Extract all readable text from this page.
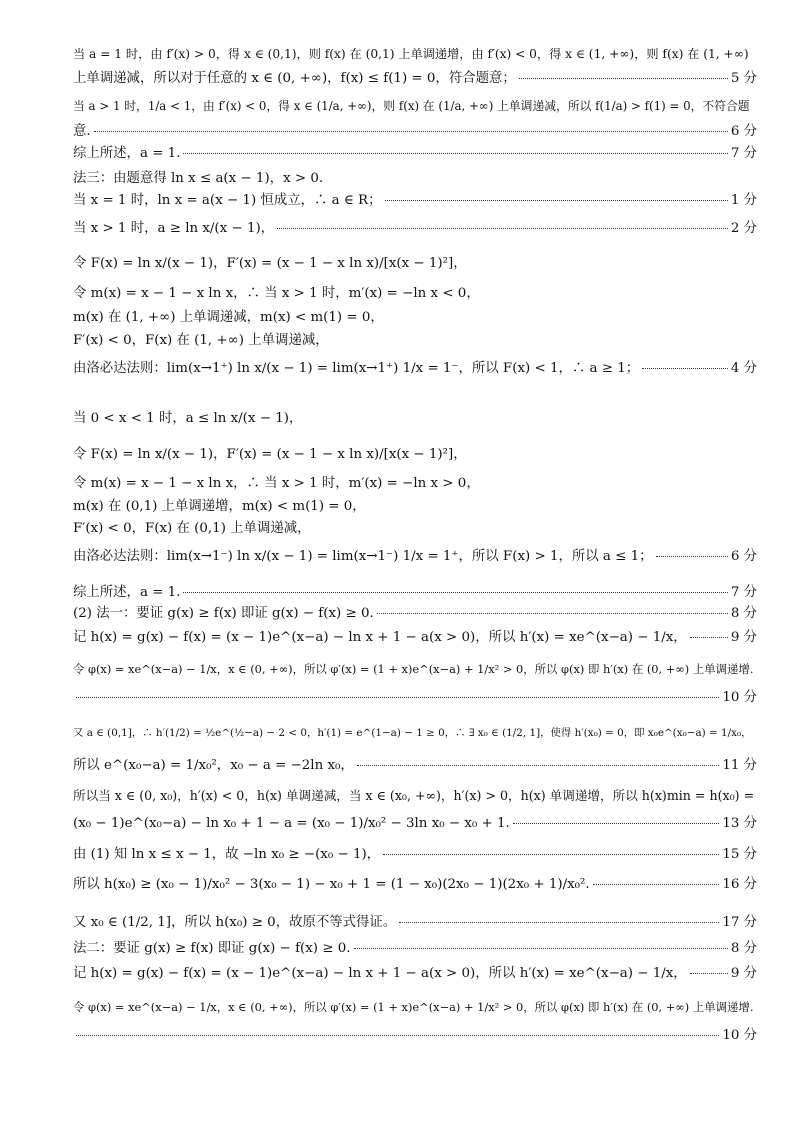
当 a = 1 时，由 f′(x) > 0，得 x ∈ (0,1)，则 f(x) 在 (0,1) 上单调递增，由 f′(x) < 0，得 x ∈ (1, +∞)，则 f(x) 在 (1, +∞)
上单调递减，所以对于任意的 x ∈ (0, +∞)，f(x) ≤ f(1) = 0，符合题意；	5 分
当 a > 1 时，1/a < 1，由 f′(x) < 0，得 x ∈ (1/a, +∞)，则 f(x) 在 (1/a, +∞) 上单调递减，所以 f(1/a) > f(1) = 0，不符合题
意.	6 分
综上所述，a = 1.	7 分
法三：由题意得 ln x ≤ a(x − 1)，x > 0.
当 x = 1 时，ln x = a(x − 1) 恒成立，∴ a ∈ R；	1 分
当 x > 1 时，a ≥ ln x/(x − 1)，	2 分
令 F(x) = ln x/(x − 1)，F′(x) = (x − 1 − x ln x)/[x(x − 1)²]，
令 m(x) = x − 1 − x ln x，∴ 当 x > 1 时，m′(x) = −ln x < 0，
m(x) 在 (1, +∞) 上单调递减，m(x) < m(1) = 0，
F′(x) < 0，F(x) 在 (1, +∞) 上单调递减，
由洛必达法则：lim(x→1⁺) ln x/(x − 1) = lim(x→1⁺) 1/x = 1⁻，所以 F(x) < 1，∴ a ≥ 1；	4 分
当 0 < x < 1 时，a ≤ ln x/(x − 1)，
令 F(x) = ln x/(x − 1)，F′(x) = (x − 1 − x ln x)/[x(x − 1)²]，
令 m(x) = x − 1 − x ln x，∴ 当 x > 1 时，m′(x) = −ln x > 0，
m(x) 在 (0,1) 上单调递增，m(x) < m(1) = 0，
F′(x) < 0，F(x) 在 (0,1) 上单调递减，
由洛必达法则：lim(x→1⁻) ln x/(x − 1) = lim(x→1⁻) 1/x = 1⁺，所以 F(x) > 1，所以 a ≤ 1；	6 分
综上所述，a = 1.	7 分
(2) 法一：要证 g(x) ≥ f(x) 即证 g(x) − f(x) ≥ 0.	8 分
记 h(x) = g(x) − f(x) = (x − 1)e^(x−a) − ln x + 1 − a(x > 0)，所以 h′(x) = xe^(x−a) − 1/x，	9 分
令 φ(x) = xe^(x−a) − 1/x，x ∈ (0, +∞)，所以 φ′(x) = (1 + x)e^(x−a) + 1/x² > 0，所以 φ(x) 即 h′(x) 在 (0, +∞) 上单调递增.
10 分
又 a ∈ (0,1]，∴ h′(1/2) = ½e^(½−a) − 2 < 0，h′(1) = e^(1−a) − 1 ≥ 0，∴ ∃ x₀ ∈ (1/2, 1]，使得 h′(x₀) = 0，即 x₀e^(x₀−a) = 1/x₀，
所以 e^(x₀−a) = 1/x₀²，x₀ − a = −2ln x₀，	11 分
所以当 x ∈ (0, x₀)，h′(x) < 0，h(x) 单调递减，当 x ∈ (x₀, +∞)，h′(x) > 0，h(x) 单调递增，所以 h(x)min = h(x₀) =
(x₀ − 1)e^(x₀−a) − ln x₀ + 1 − a = (x₀ − 1)/x₀² − 3ln x₀ − x₀ + 1.	13 分
由 (1) 知 ln x ≤ x − 1，故 −ln x₀ ≥ −(x₀ − 1)，	15 分
所以 h(x₀) ≥ (x₀ − 1)/x₀² − 3(x₀ − 1) − x₀ + 1 = (1 − x₀)(2x₀ − 1)(2x₀ + 1)/x₀².	16 分
又 x₀ ∈ (1/2, 1]，所以 h(x₀) ≥ 0，故原不等式得证。	17 分
法二：要证 g(x) ≥ f(x) 即证 g(x) − f(x) ≥ 0.	8 分
记 h(x) = g(x) − f(x) = (x − 1)e^(x−a) − ln x + 1 − a(x > 0)，所以 h′(x) = xe^(x−a) − 1/x，	9 分
令 φ(x) = xe^(x−a) − 1/x，x ∈ (0, +∞)，所以 φ′(x) = (1 + x)e^(x−a) + 1/x² > 0，所以 φ(x) 即 h′(x) 在 (0, +∞) 上单调递增.
10 分
